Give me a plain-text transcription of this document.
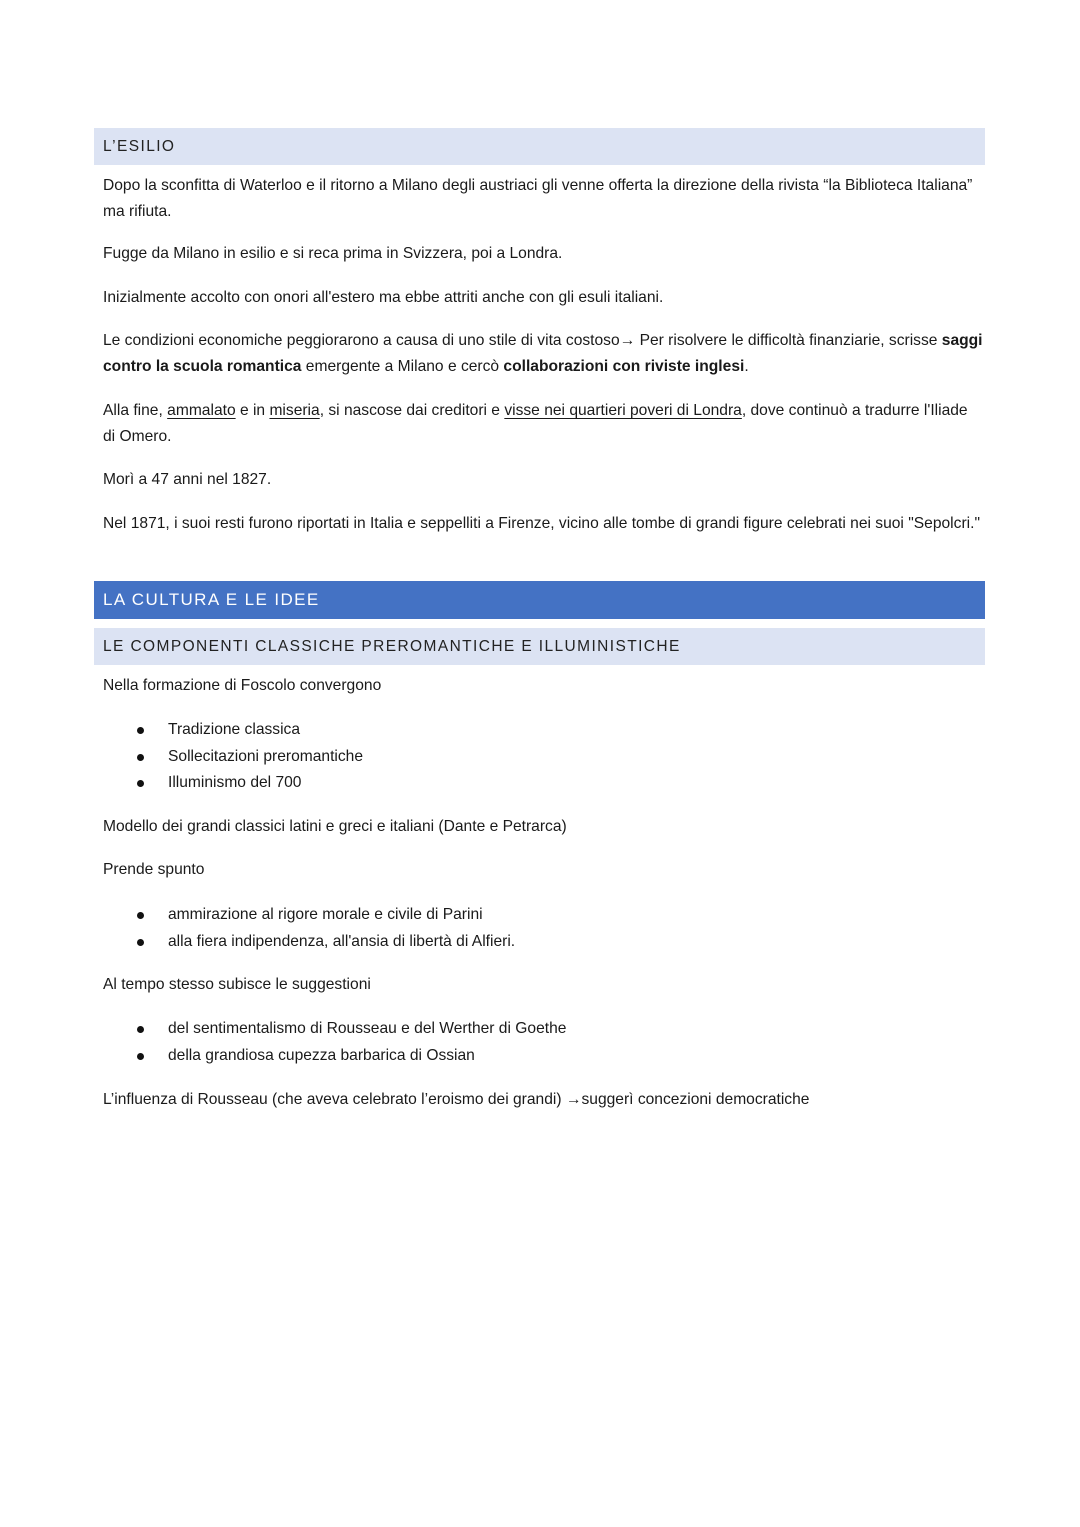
L’ESILIO

Dopo la sconfitta di Waterloo e il ritorno a Milano degli austriaci gli venne offerta la direzione della rivista “la Biblioteca Italiana” ma rifiuta.

Fugge da Milano in esilio e si reca prima in Svizzera, poi a Londra.

Inizialmente accolto con onori all'estero ma ebbe attriti anche con gli esuli italiani.

Le condizioni economiche peggiorarono a causa di uno stile di vita costoso→ Per risolvere le difficoltà finanziarie, scrisse saggi contro la scuola romantica emergente a Milano e cercò collaborazioni con riviste inglesi.

Alla fine, ammalato e in miseria, si nascose dai creditori e visse nei quartieri poveri di Londra, dove continuò a tradurre l'Iliade di Omero.

Morì a 47 anni nel 1827.

Nel 1871, i suoi resti furono riportati in Italia e seppelliti a Firenze, vicino alle tombe di grandi figure celebrati nei suoi "Sepolcri."

LA CULTURA E LE IDEE
LE COMPONENTI CLASSICHE PREROMANTICHE E ILLUMINISTICHE

Nella formazione di Foscolo convergono

Tradizione classica
Sollecitazioni preromantiche
Illuminismo del 700

Modello dei grandi classici latini e greci e italiani (Dante e Petrarca)

Prende spunto

ammirazione al rigore morale e civile di Parini
alla fiera indipendenza, all'ansia di libertà di Alfieri.

Al tempo stesso subisce le suggestioni

del sentimentalismo di Rousseau e del Werther di Goethe
della grandiosa cupezza barbarica di Ossian

L’influenza di Rousseau (che aveva celebrato l’eroismo dei grandi) →suggerì concezioni democratiche
